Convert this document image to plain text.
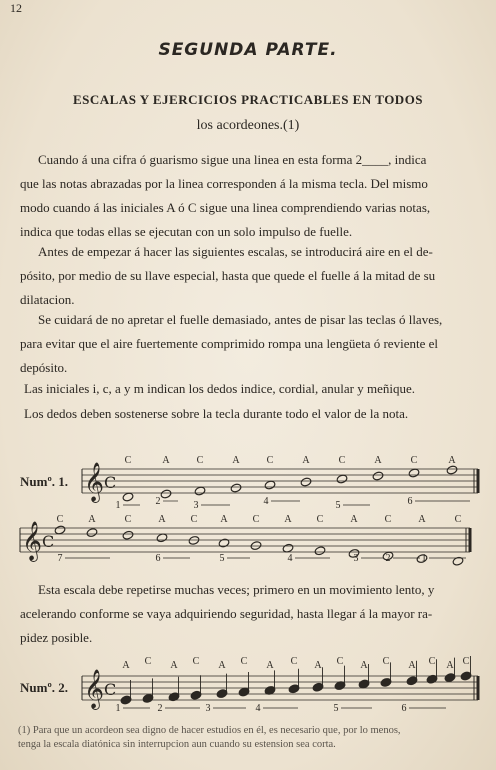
12
SEGUNDA PARTE.
ESCALAS Y EJERCICIOS PRACTICABLES EN TODOS
los acordeones.(1)
Cuando á una cifra ó guarismo sigue una linea en esta forma 2____, indica
que las notas abrazadas por la linea corresponden á la misma tecla. Del mismo
modo cuando á las iniciales A ó C sigue una linea comprendiendo varias notas,
indica que todas ellas se ejecutan con un solo impulso de fuelle.
Antes de empezar á hacer las siguientes escalas, se introducirá aire en el de-
pósito, por medio de su llave especial, hasta que quede el fuelle á la mitad de su
dilatacion.
Se cuidará de no apretar el fuelle demasiado, antes de pisar las teclas ó llaves,
para evitar que el aire fuertemente comprimido rompa una lengüeta ó reviente el
depósito.
Las iniciales i, c, a y m indican los dedos indice, cordial, anular y meñique.
Los dedos deben sostenerse sobre la tecla durante todo el valor de la nota.
Esta escala debe repetirse muchas veces; primero en un movimiento lento, y
acelerando conforme se vaya adquiriendo seguridad, hasta llegar á la mayor ra-
pidez posible.
Numº. 1.
Numº. 2.
𝄞 C
C	A	C	A	C	A	C	A	C	A
1	2	3	4	5	6
𝄞 C
C	A	C	A	C A	C	A	C	A	C	A	C
7	6	5	4	3	2	1
𝄞 C
A C A C A C A C A C A C A C A C
1	2	3	4	5	6
(1) Para que un acordeon sea digno de hacer estudios en él, es necesario que, por lo menos,
tenga la escala diatónica sin interrupcion aun cuando su estension sea corta.
